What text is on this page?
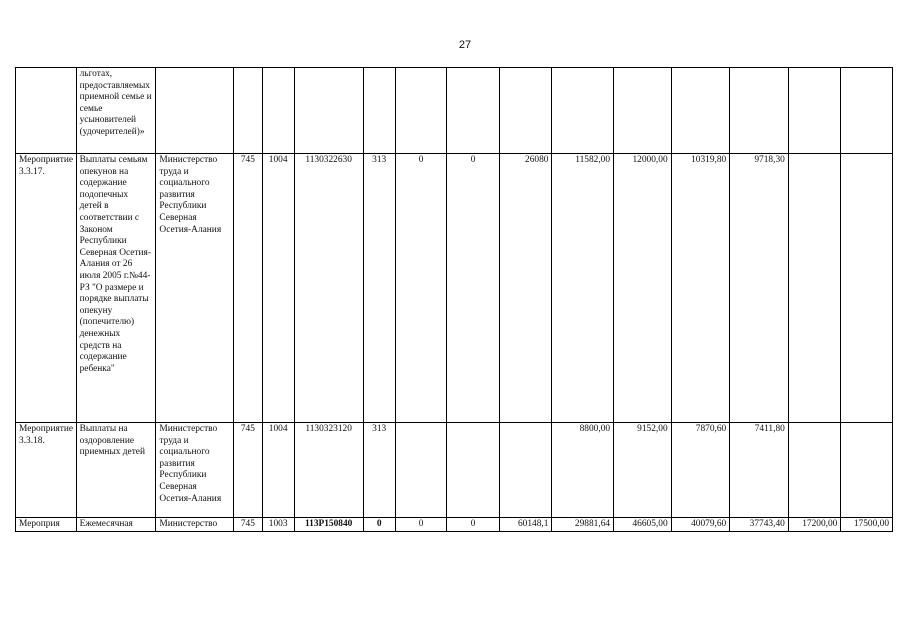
27
	льготах, предоставляемых приемной семье и семье усыновителей (удочерителей)»														
Мероприятие 3.3.17.	Выплаты семьям опекунов на содержание подопечных детей в соответствии с Законом Республики Северная Осетия-Алания от 26 июля 2005 г.№44-РЗ "О размере и порядке выплаты опекуну (попечителю) денежных средств на содержание ребенка"	Министерство труда и социального развития Республики Северная Осетия-Алания	745	1004	1130322630	313	0	0	26080	11582,00	12000,00	10319,80	9718,30		
Мероприятие 3.3.18.	Выплаты на оздоровление приемных детей	Министерство труда и социального развития Республики Северная Осетия-Алания	745	1004	1130323120	313				8800,00	9152,00	7870,60	7411,80		
Мероприя	Ежемесячная	Министерство	745	1003	113P150840	0	0	0	60148,1	29881,64	46605,00	40079,60	37743,40	17200,00	17500,00
